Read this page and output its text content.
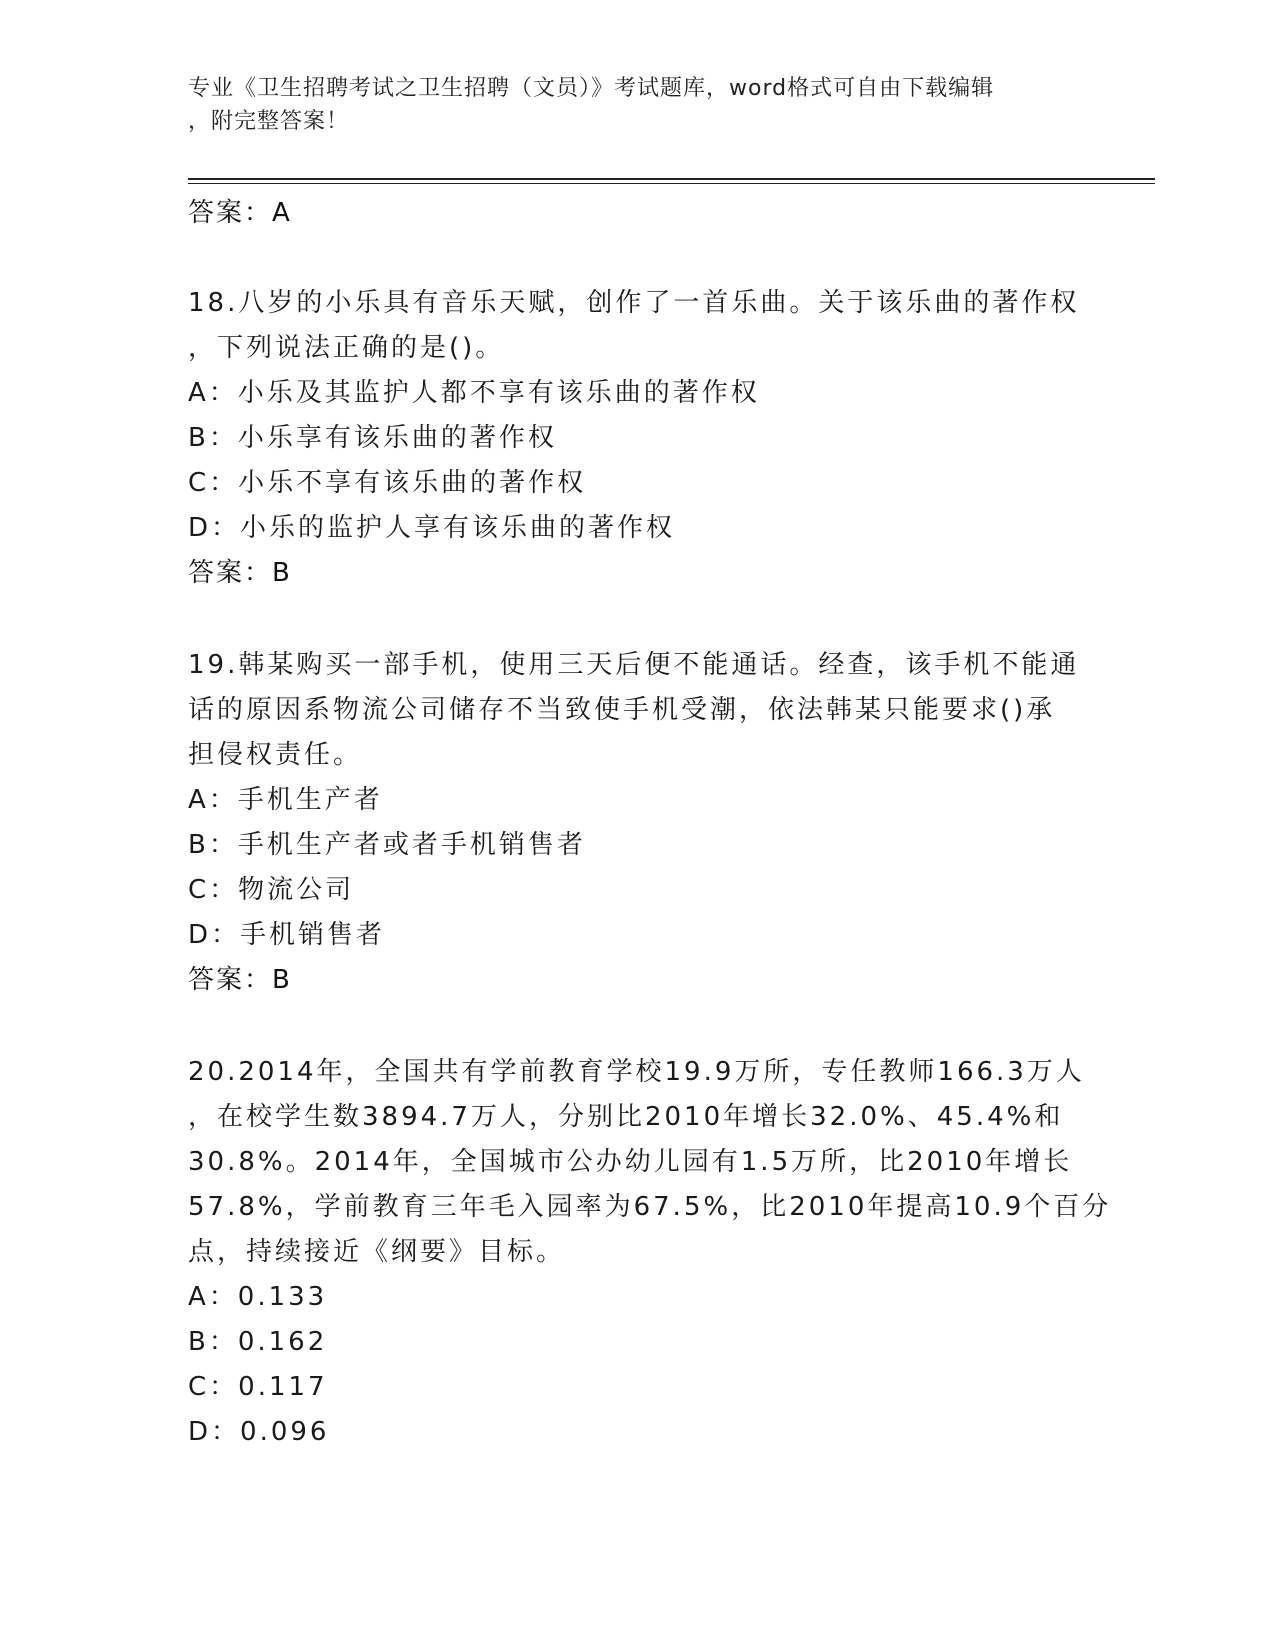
专业《卫生招聘考试之卫生招聘（文员）》考试题库，word格式可自由下载编辑
，附完整答案！
答案：A
18.八岁的小乐具有音乐天赋，创作了一首乐曲。关于该乐曲的著作权
，下列说法正确的是()。
A：小乐及其监护人都不享有该乐曲的著作权
B：小乐享有该乐曲的著作权
C：小乐不享有该乐曲的著作权
D：小乐的监护人享有该乐曲的著作权
答案：B
19.韩某购买一部手机，使用三天后便不能通话。经查，该手机不能通
话的原因系物流公司储存不当致使手机受潮，依法韩某只能要求()承
担侵权责任。
A：手机生产者
B：手机生产者或者手机销售者
C：物流公司
D：手机销售者
答案：B
20.2014年，全国共有学前教育学校19.9万所，专任教师166.3万人
，在校学生数3894.7万人，分别比2010年增长32.0%、45.4%和
30.8%。2014年，全国城市公办幼儿园有1.5万所，比2010年增长
57.8%，学前教育三年毛入园率为67.5%，比2010年提高10.9个百分
点，持续接近《纲要》目标。
A：0.133
B：0.162
C：0.117
D：0.096
